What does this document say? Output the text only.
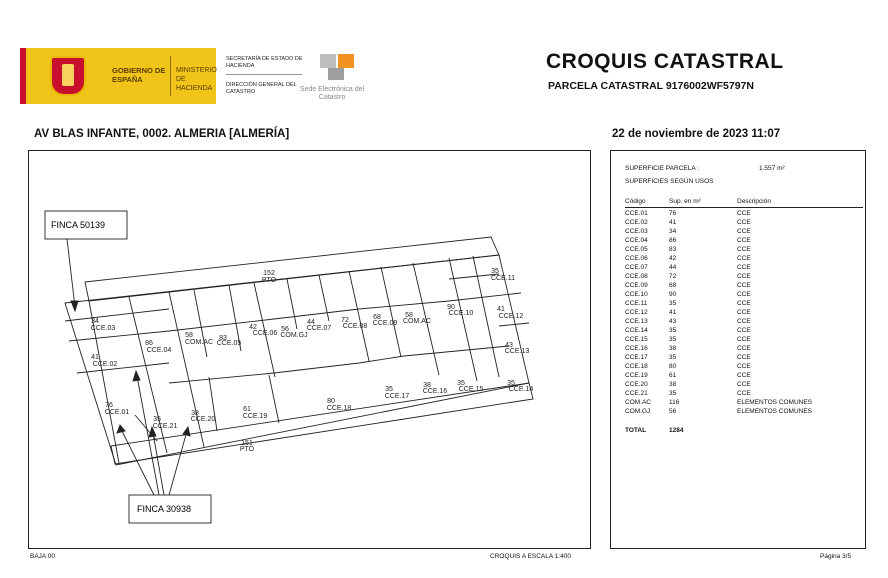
GOBIERNO DE ESPAÑA
MINISTERIO DE HACIENDA
SECRETARÍA DE ESTADO DE HACIENDA
DIRECCIÓN GENERAL DEL CATASTRO	Sede Electrónica del Catastro
CROQUIS CATASTRAL
PARCELA CATASTRAL 9176002WF5797N
AV BLAS INFANTE, 0002. ALMERIA [ALMERÍA]	22 de noviembre de 2023 11:07
FINCA 50139
FINCA 30938
152
PTO
35
CCE.11
34
CCE.03
86
CCE.04
58
COM.AC
83
CCE.05
42
CCE.06
56
COM.GJ
44
CCE.07
72
CCE.08
68
CCE.09
58
COM.AC
90
CCE.10
41
CCE.12
41
CCE.02
43
CCE.13
76
CCE.01
35
CCE.21
38
CCE.20
61
CCE.19
80
CCE.18
35
CCE.17
38
CCE.16
35
CCE.15
35
CCE.14
151
PTO
SUPERFICIE PARCELA :	1.557 m²
SUPERFICIES SEGÚN USOS
Código	Sup. en m²	Descripción
CCE.01	76	CCE
CCE.02	41	CCE
CCE.03	34	CCE
CCE.04	86	CCE
CCE.05	83	CCE
CCE.06	42	CCE
CCE.07	44	CCE
CCE.08	72	CCE
CCE.09	68	CCE
CCE.10	90	CCE
CCE.11	35	CCE
CCE.12	41	CCE
CCE.13	43	CCE
CCE.14	35	CCE
CCE.15	35	CCE
CCE.16	38	CCE
CCE.17	35	CCE
CCE.18	80	CCE
CCE.19	61	CCE
CCE.20	38	CCE
CCE.21	35	CCE
COM.AC	116	ELEMENTOS COMUNES
COM.GJ	56	ELEMENTOS COMUNES
TOTAL	1284
BAJA 00	CROQUIS A ESCALA 1:400	Página 3/5
